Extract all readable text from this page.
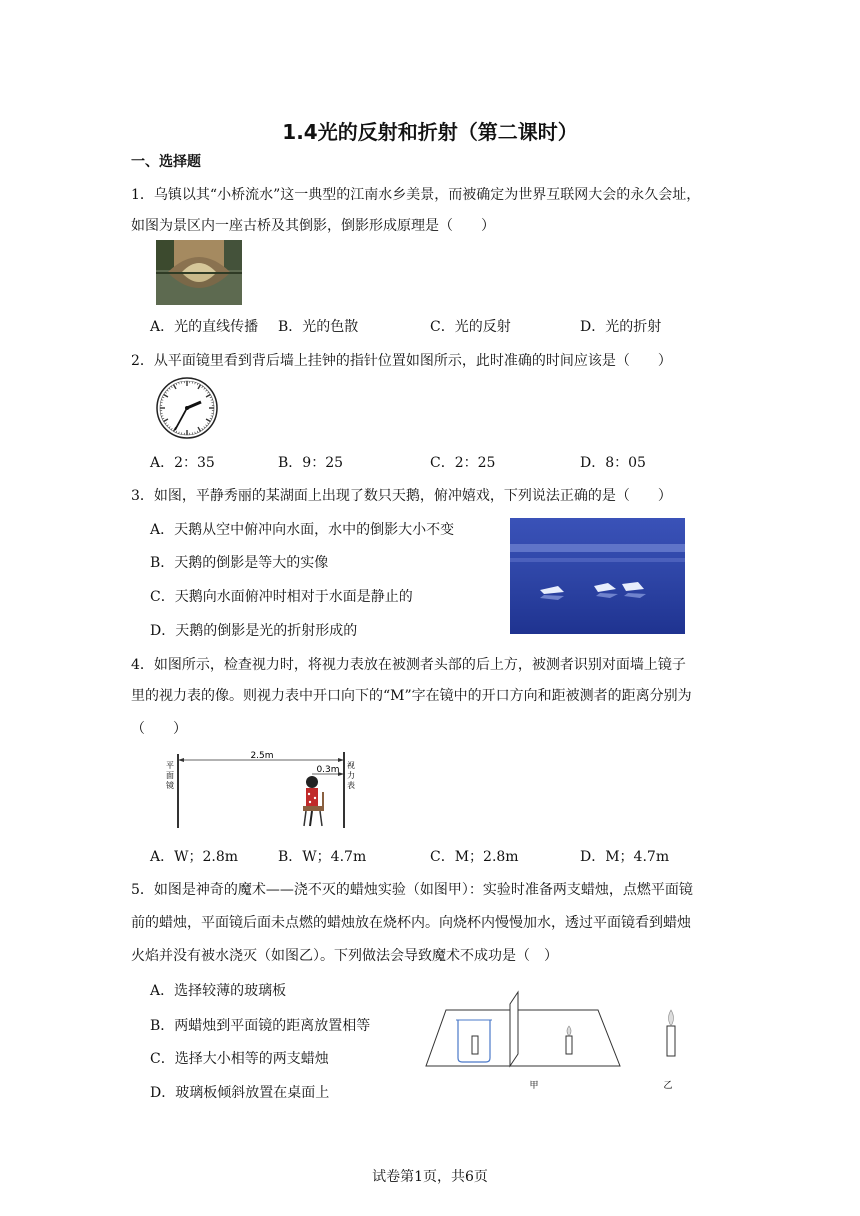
1.4光的反射和折射（第二课时）
一、选择题
1．乌镇以其“小桥流水”这一典型的江南水乡美景，而被确定为世界互联网大会的永久会址，
如图为景区内一座古桥及其倒影，倒影形成原理是（　　）
A．光的直线传播 B．光的色散	C．光的反射	D．光的折射
2．从平面镜里看到背后墙上挂钟的指针位置如图所示，此时准确的时间应该是（　　）
A．2：35	B．9：25	C．2：25	D．8：05
3．如图，平静秀丽的某湖面上出现了数只天鹅，俯冲嬉戏，下列说法正确的是（　　）
A．天鹅从空中俯冲向水面，水中的倒影大小不变
B．天鹅的倒影是等大的实像
C．天鹅向水面俯冲时相对于水面是静止的
D．天鹅的倒影是光的折射形成的
4．如图所示，检查视力时，将视力表放在被测者头部的后上方，被测者识别对面墙上镜子
里的视力表的像。则视力表中开口向下的“M”字在镜中的开口方向和距被测者的距离分别为
（　　）
2.5m
0.3m
平
面
镜
视
力
表
A．W；2.8m	B．W；4.7m	C．M；2.8m	D．M；4.7m
5．如图是神奇的魔术——浇不灭的蜡烛实验（如图甲）：实验时准备两支蜡烛，点燃平面镜
前的蜡烛，平面镜后面未点燃的蜡烛放在烧杯内。向烧杯内慢慢加水，透过平面镜看到蜡烛
火焰并没有被水浇灭（如图乙）。下列做法会导致魔术不成功是（　）
A．选择较薄的玻璃板
B．两蜡烛到平面镜的距离放置相等
C．选择大小相等的两支蜡烛
D．玻璃板倾斜放置在桌面上	甲	乙
试卷第1页，共6页
